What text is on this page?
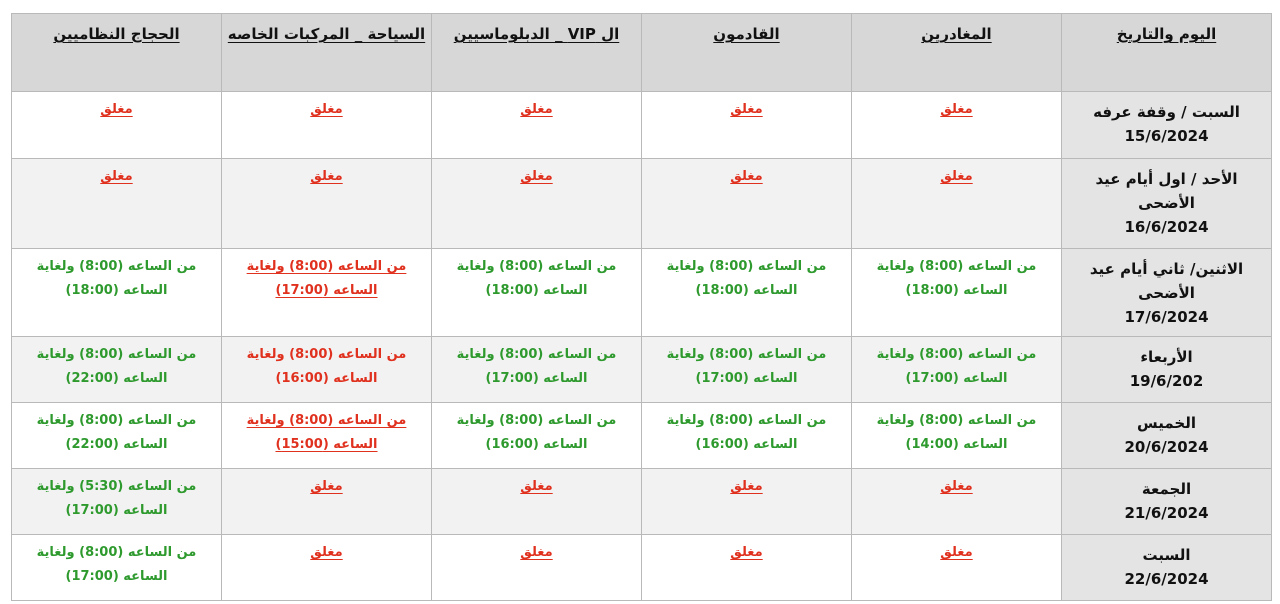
اليوم والتاريخ	المغادرين	القادمون	ال VIP _ الدبلوماسيين	السياحة _ المركبات الخاصه	الحجاج النظاميين

السبت / وقفة عرفه
15/6/2024	مغلق	مغلق	مغلق	مغلق	مغلق

الأحد / اول أيام عيد
الأضحى
16/6/2024	مغلق	مغلق	مغلق	مغلق	مغلق

الاثنين/ ثاني أيام عيد
الأضحى
17/6/2024	من الساعه (8:00) ولغاية
الساعه (18:00)	من الساعه (8:00) ولغاية
الساعه (18:00)	من الساعه (8:00) ولغاية
الساعه (18:00)	من الساعه (8:00) ولغاية
الساعه (17:00)	من الساعه (8:00) ولغاية
الساعه (18:00)

الأربعاء
19/6/202	من الساعه (8:00) ولغاية
الساعه (17:00)	من الساعه (8:00) ولغاية
الساعه (17:00)	من الساعه (8:00) ولغاية
الساعه (17:00)	من الساعه (8:00) ولغاية
الساعه (16:00)	من الساعه (8:00) ولغاية
الساعه (22:00)

الخميس
20/6/2024	من الساعه (8:00) ولغاية
الساعه (14:00)	من الساعه (8:00) ولغاية
الساعه (16:00)	من الساعه (8:00) ولغاية
الساعه (16:00)	من الساعه (8:00) ولغاية
الساعه (15:00)	من الساعه (8:00) ولغاية
الساعه (22:00)

الجمعة
21/6/2024	مغلق	مغلق	مغلق	مغلق	من الساعه (5:30) ولغاية
الساعه (17:00)

السبت
22/6/2024	مغلق	مغلق	مغلق	مغلق	من الساعه (8:00) ولغاية
الساعه (17:00)
